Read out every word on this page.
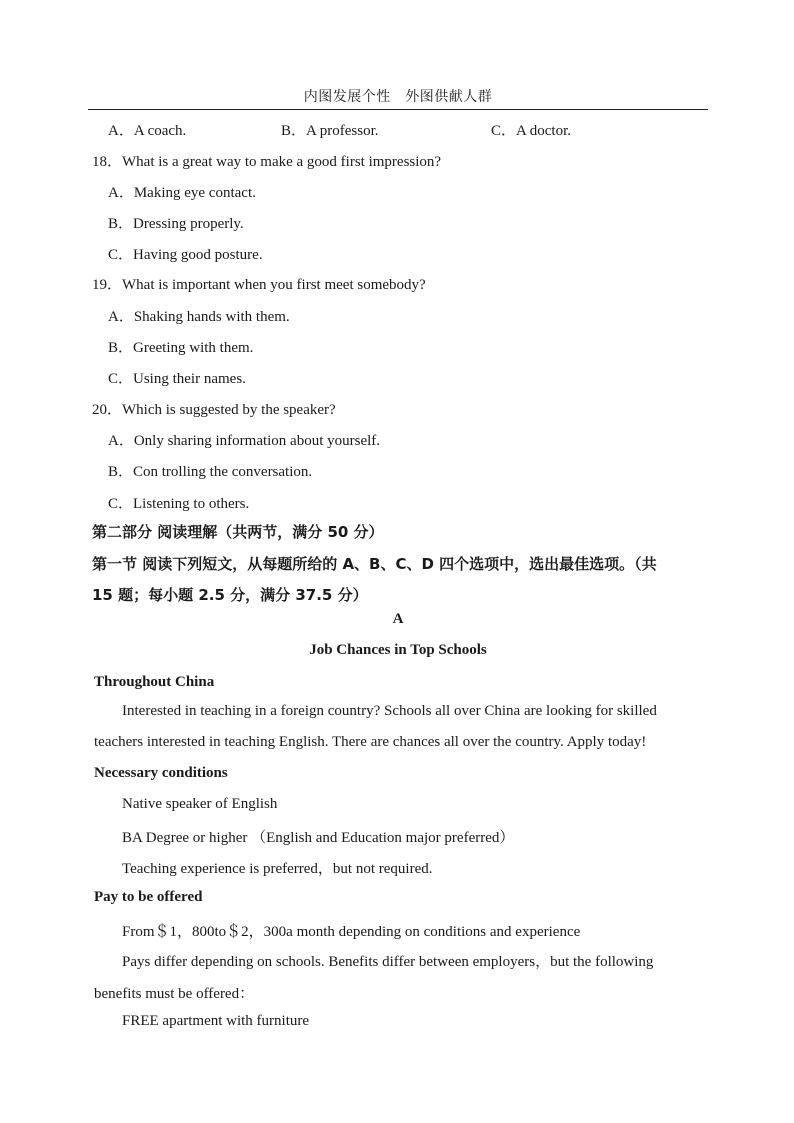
内图发展个性　外图供献人群
A．A coach.	B．A professor.	C．A doctor.
18．What is a great way to make a good first impression?
A．Making eye contact.
B．Dressing properly.
C．Having good posture.
19．What is important when you first meet somebody?
A．Shaking hands with them.
B．Greeting with them.
C．Using their names.
20．Which is suggested by the speaker?
A．Only sharing information about yourself.
B．Con trolling the conversation.
C．Listening to others.
第二部分 阅读理解（共两节，满分 50 分）
第一节 阅读下列短文，从每题所给的 A、B、C、D 四个选项中，选出最佳选项。（共
15 题；每小题 2.5 分，满分 37.5 分）
A
Job Chances in Top Schools
Throughout China
Interested in teaching in a foreign country? Schools all over China are looking for skilled
teachers interested in teaching English. There are chances all over the country. Apply today!
Necessary conditions
Native speaker of English
BA Degree or higher （English and Education major preferred）
Teaching experience is preferred，but not required.
Pay to be offered
From＄1，800to＄2，300a month depending on conditions and experience
Pays differ depending on schools. Benefits differ between employers，but the following
benefits must be offered：
FREE apartment with furniture
